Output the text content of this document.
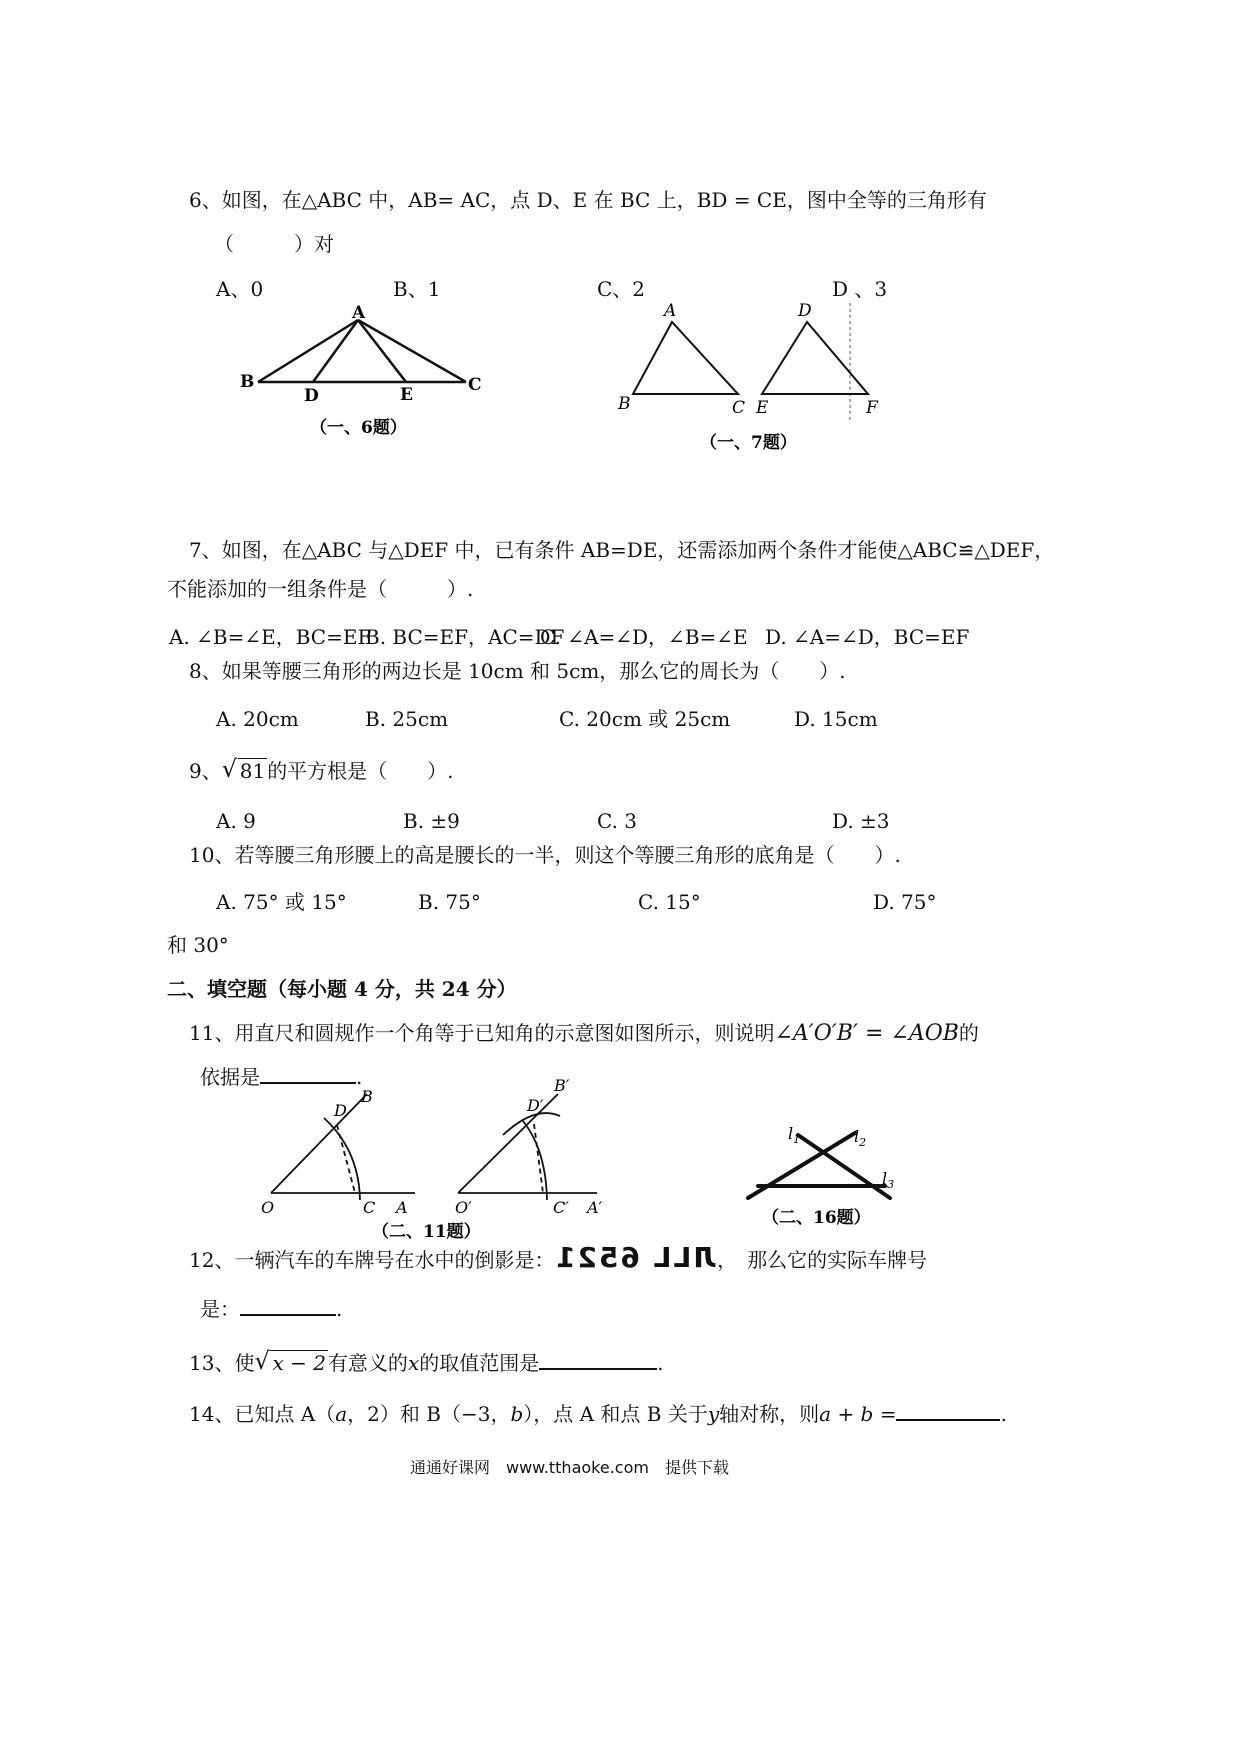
6、如图，在△ABC 中，AB= AC，点 D、E 在 BC 上，BD = CE，图中全等的三角形有
（　　　）对
A、0	B、1	C、2	D 、3
A
B	C
D	E
（一、6题）
A
B	C
D
E	F
（一、7题）
7、如图，在△ABC 与△DEF 中，已有条件 AB=DE，还需添加两个条件才能使△ABC≌△DEF，
不能添加的一组条件是（　　　）.
A. ∠B=∠E，BC=EF
B. BC=EF，AC=DF
C. ∠A=∠D，∠B=∠E D. ∠A=∠D，BC=EF
8、如果等腰三角形的两边长是 10cm 和 5cm，那么它的周长为（　　）.
A. 20cm	B. 25cm	C. 20cm 或 25cm	D. 15cm
9、 √ 81 的平方根是（　　）.
A. 9	B. ±9	C. 3	D. ±3
10、若等腰三角形腰上的高是腰长的一半，则这个等腰三角形的底角是（　　）.
A. 75° 或 15°	B. 75°	C. 15°	D. 75°
和 30°
二、填空题（每小题 4 分，共 24 分）
11、用直尺和圆规作一个角等于已知角的示意图如图所示，则说明∠A′O′B′ = ∠AOB的
依据是	.
O	C A
D
B
O′	C′ A′
D′
B′
（二、11题）
$l_1$	$l_2$
$l_3$
（二、16题）
12、一辆汽车的车牌号在水中的倒影是：ЛLL 6521，　那么它的实际车牌号
是：	.
13、使 √ x − 2 有意义的x的取值范围是	.
14、已知点 A（a，2）和 B（−3，b），点 A 和点 B 关于y轴对称，则a + b =	.
通通好课网　www.tthaoke.com　提供下载
